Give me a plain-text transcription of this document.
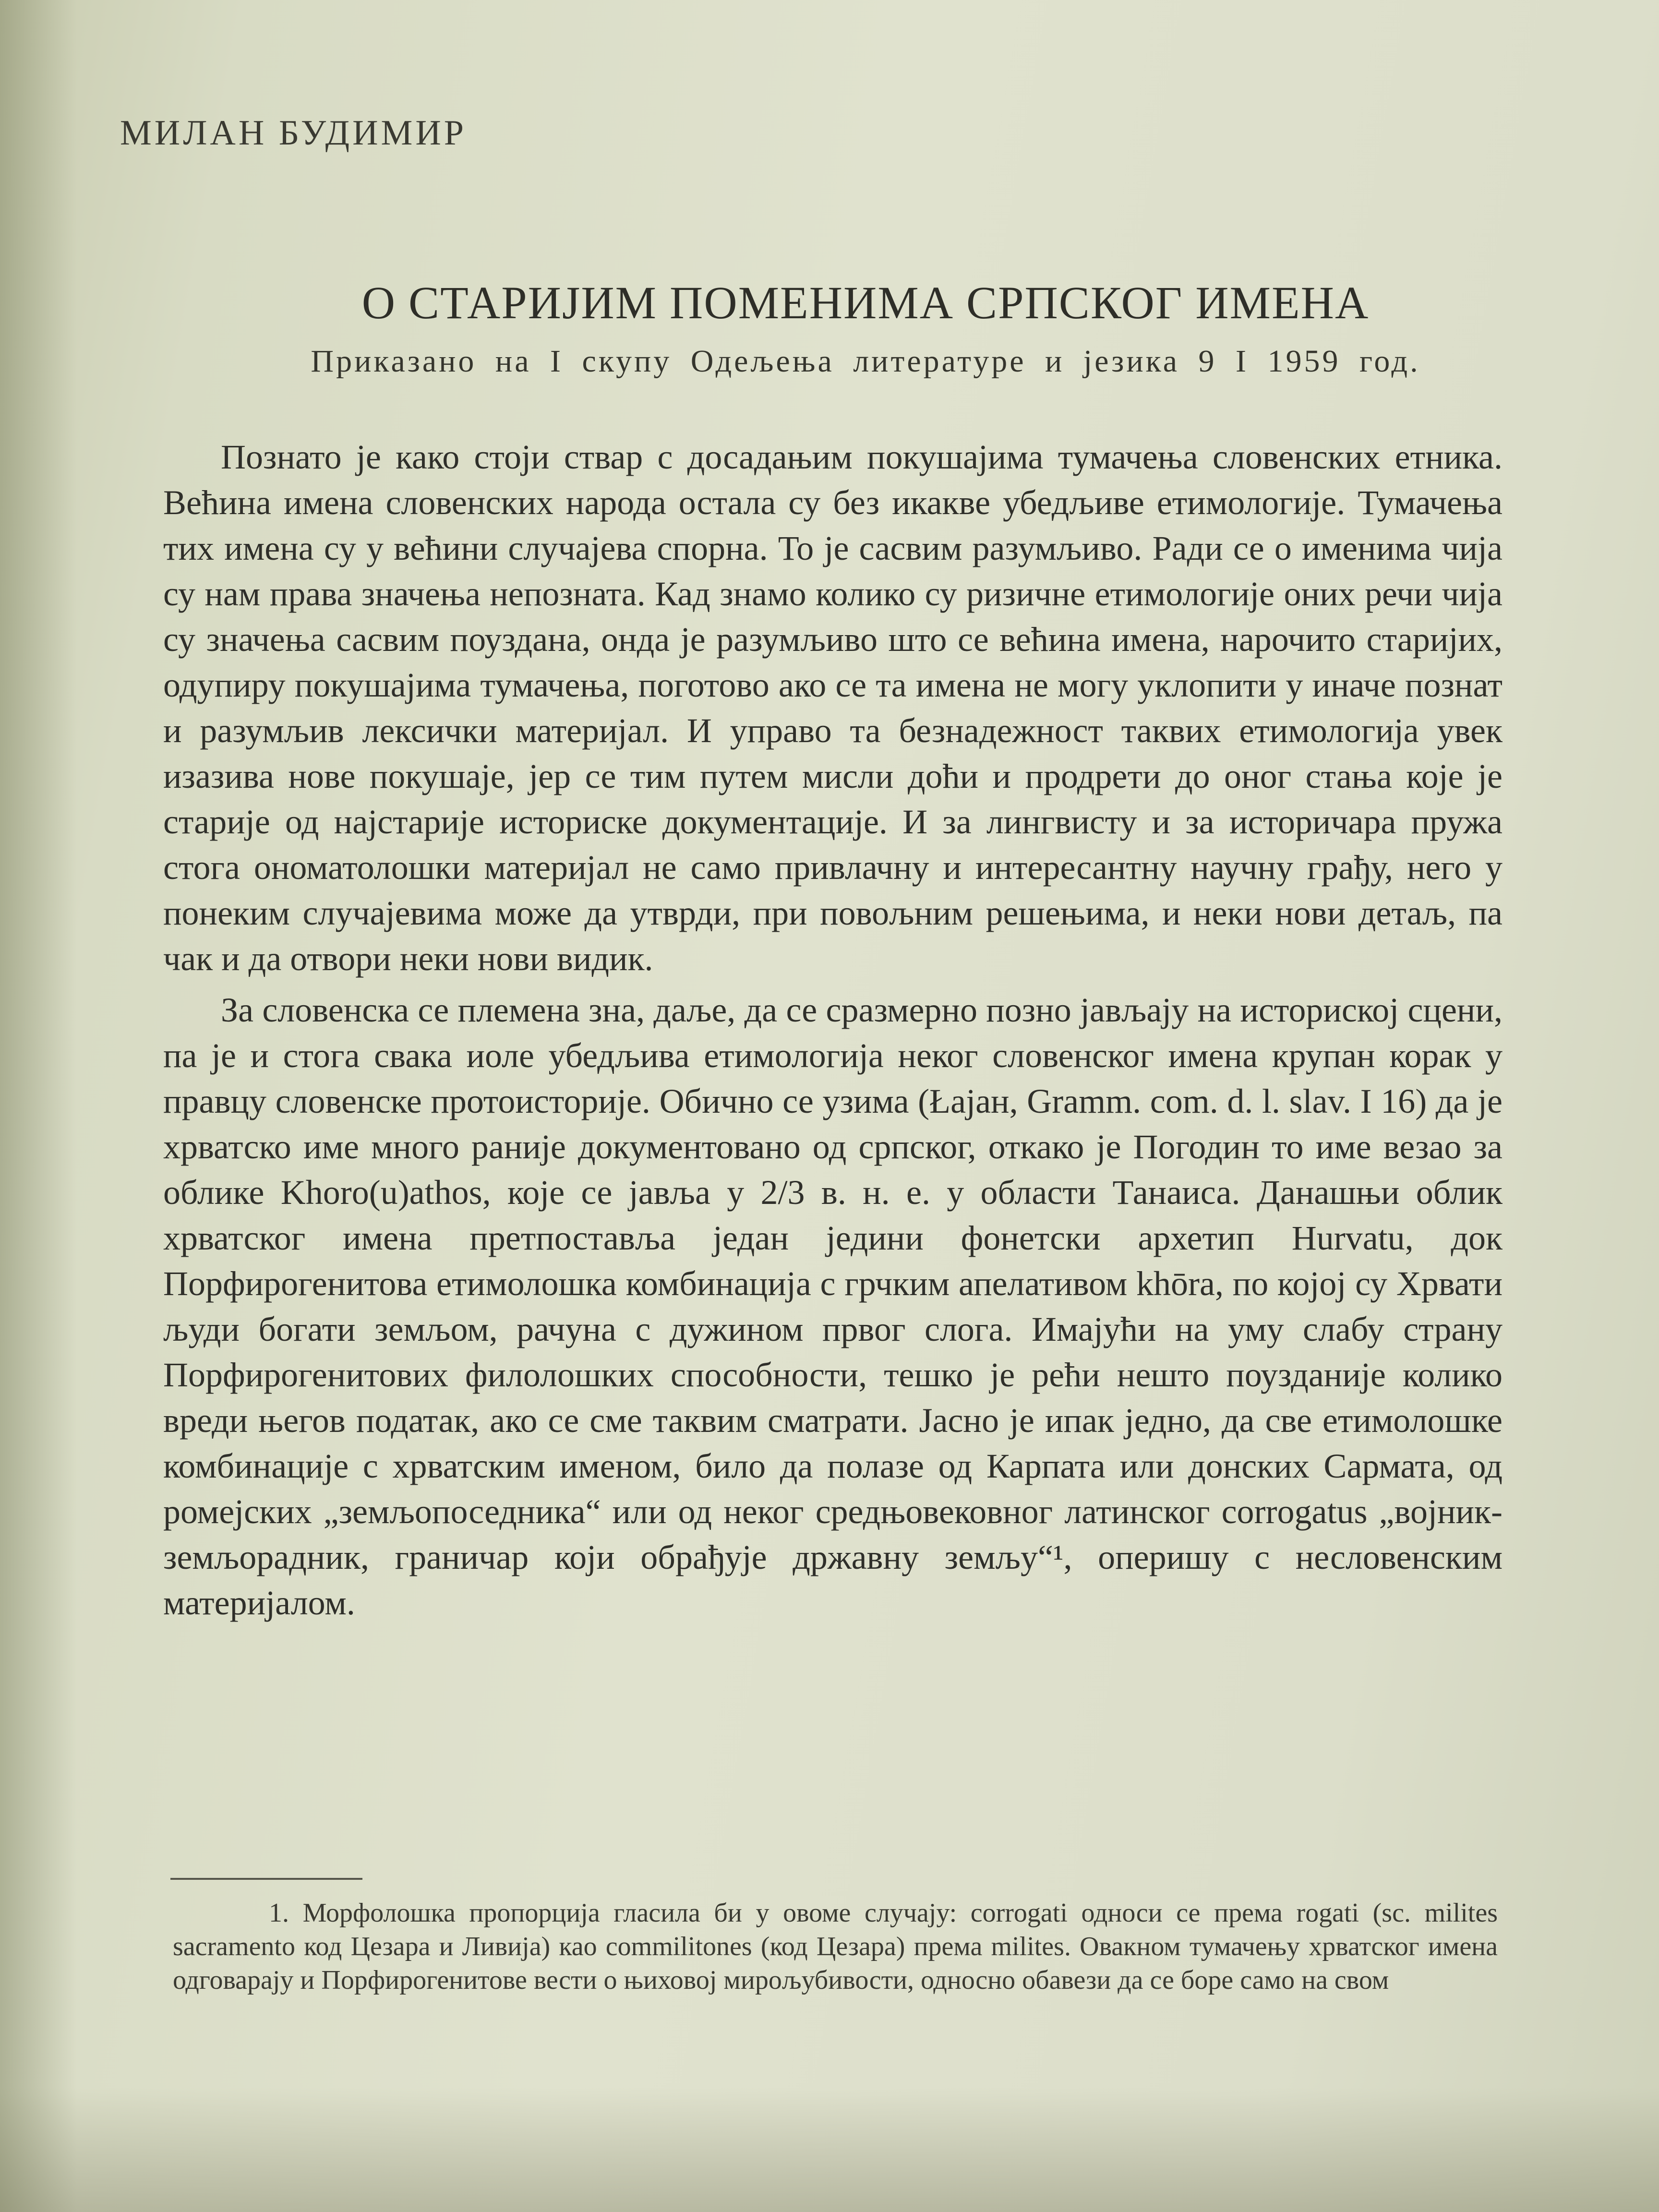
МИЛАН БУДИМИР
О СТАРИЈИМ ПОМЕНИМА СРПСКОГ ИМЕНА
Приказано на I скупу Одељења литературе и језика 9 I 1959 год.

Познато је како стоји ствар с досадањим покушајима тумачења словенских етника. Већина имена словенских народа остала су без икакве убедљиве етимологије. Тумачења тих имена су у већини случајева спорна. То је сасвим разумљиво. Ради се о именима чија су нам права значења непозната. Кад знамо колико су ризичне етимологије оних речи чија су значења сасвим поуздана, онда је разумљиво што се већина имена, нарочито старијих, одупиру покушајима тумачења, поготово ако се та имена не могу уклопити у иначе познат и разумљив лексички материјал. И управо та безнадежност таквих етимологија увек изазива нове покушаје, јер се тим путем мисли доћи и продрети до оног стања које је старије од најстарије историске документације. И за лингвисту и за историчара пружа стога ономатолошки материјал не само привлачну и интересантну научну грађу, него у понеким случајевима може да утврди, при повољним решењима, и неки нови детаљ, па чак и да отвори неки нови видик.

За словенска се племена зна, даље, да се сразмерно позно јављају на историској сцени, па је и стога свака иоле убедљива етимологија неког словенског имена крупан корак у правцу словенске протоисторије. Обично се узима (Łајан, Gramm. com. d. l. slav. I 16) да је хрватско име много раније документовано од српског, откако је Погодин то име везао за облике Khoro(u)athos, које се јавља у 2/3 в. н. е. у области Танаиса. Данашњи облик хрватског имена претпоставља један једини фонетски архетип Hurvatu, док Порфирогенитова етимолошка комбинација с грчким апелативом khōra, по којој су Хрвати људи богати земљом, рачуна с дужином првог слога. Имајући на уму слабу страну Порфирогенитових филолошких способности, тешко је рећи нешто поузданије колико вреди његов податак, ако се сме таквим сматрати. Јасно је ипак једно, да све етимолошке комбинације с хрватским именом, било да полазе од Карпата или донских Сармата, од ромејских „земљопоседника“ или од неког средњовековног латинског corrogatus „војник-земљорадник, граничар који обрађује државну земљу“¹, оперишу с несловенским материјалом.

1. Морфолошка пропорција гласила би у овоме случају: corrogati односи се према rogati (sc. milites sacramento код Цезара и Ливија) као commilitones (код Цезара) према milites. Овакном тумачењу хрватског имена одговарају и Порфирогенитове вести о њиховој мирољубивости, односно обавези да се боре само на свом
